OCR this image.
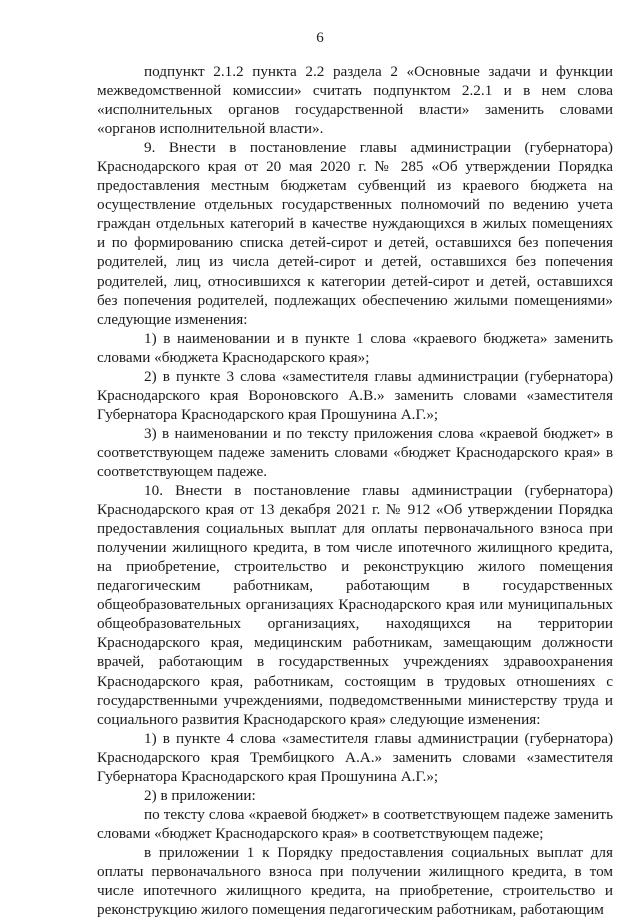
6

подпункт 2.1.2 пункта 2.2 раздела 2 «Основные задачи и функции межведомственной комиссии» считать подпунктом 2.2.1 и в нем слова «исполнительных органов государственной власти» заменить словами «органов исполнительной власти».

9. Внести в постановление главы администрации (губернатора) Краснодарского края от 20 мая 2020 г. № 285 «Об утверждении Порядка предоставления местным бюджетам субвенций из краевого бюджета на осуществление отдельных государственных полномочий по ведению учета граждан отдельных категорий в качестве нуждающихся в жилых помещениях и по формированию списка детей-сирот и детей, оставшихся без попечения родителей, лиц из числа детей-сирот и детей, оставшихся без попечения родителей, лиц, относившихся к категории детей-сирот и детей, оставшихся без попечения родителей, подлежащих обеспечению жилыми помещениями» следующие изменения:

1) в наименовании и в пункте 1 слова «краевого бюджета» заменить словами «бюджета Краснодарского края»;

2) в пункте 3 слова «заместителя главы администрации (губернатора) Краснодарского края Вороновского А.В.» заменить словами «заместителя Губернатора Краснодарского края Прошунина А.Г.»;

3) в наименовании и по тексту приложения слова «краевой бюджет» в соответствующем падеже заменить словами «бюджет Краснодарского края» в соответствующем падеже.

10. Внести в постановление главы администрации (губернатора) Краснодарского края от 13 декабря 2021 г. № 912 «Об утверждении Порядка предоставления социальных выплат для оплаты первоначального взноса при получении жилищного кредита, в том числе ипотечного жилищного кредита, на приобретение, строительство и реконструкцию жилого помещения педагогическим работникам, работающим в государственных общеобразовательных организациях Краснодарского края или муниципальных общеобразовательных организациях, находящихся на территории Краснодарского края, медицинским работникам, замещающим должности врачей, работающим в государственных учреждениях здравоохранения Краснодарского края, работникам, состоящим в трудовых отношениях с государственными учреждениями, подведомственными министерству труда и социального развития Краснодарского края» следующие изменения:

1) в пункте 4 слова «заместителя главы администрации (губернатора) Краснодарского края Трембицкого А.А.» заменить словами «заместителя Губернатора Краснодарского края Прошунина А.Г.»;

2) в приложении:

по тексту слова «краевой бюджет» в соответствующем падеже заменить словами «бюджет Краснодарского края» в соответствующем падеже;

в приложении 1 к Порядку предоставления социальных выплат для оплаты первоначального взноса при получении жилищного кредита, в том числе ипотечного жилищного кредита, на приобретение, строительство и реконструкцию жилого помещения педагогическим работникам, работающим
